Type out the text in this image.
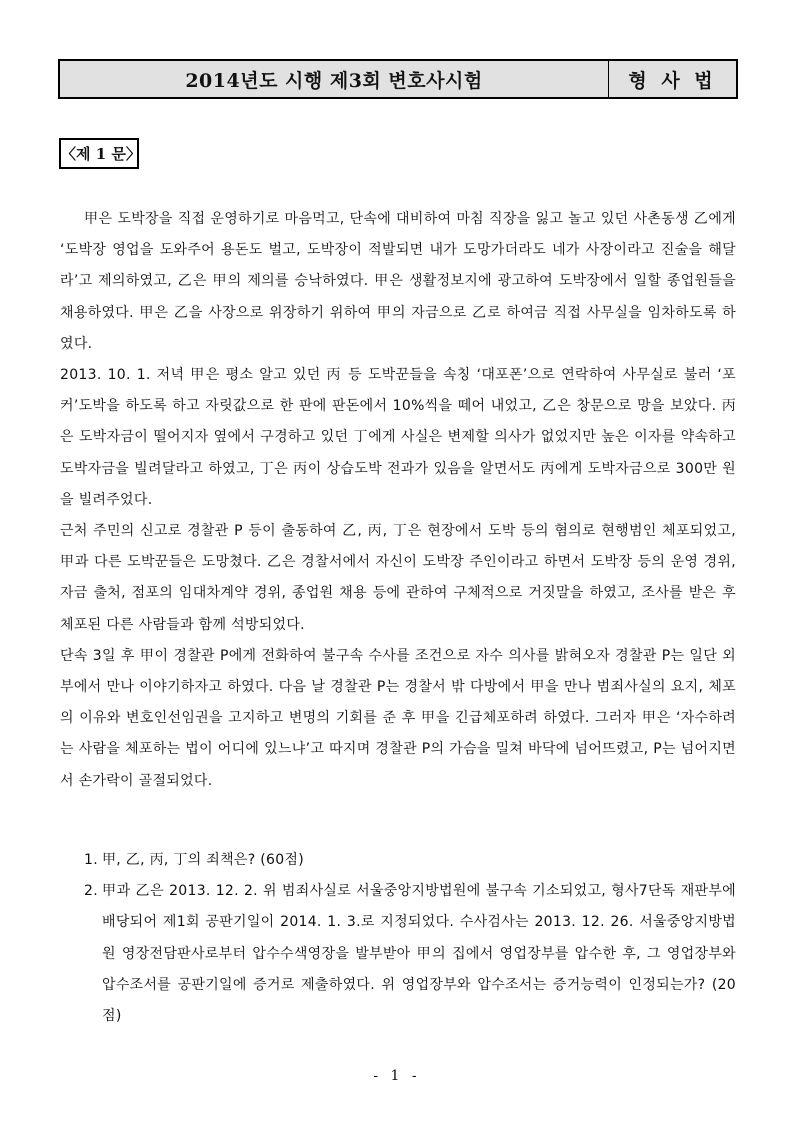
2014년도 시행 제3회 변호사시험	형 사 법
〈제 1 문〉

甲은 도박장을 직접 운영하기로 마음먹고, 단속에 대비하여 마침 직장을 잃고 놀고 있던 사촌동생 乙에게 ‘도박장 영업을 도와주어 용돈도 벌고, 도박장이 적발되면 내가 도망가더라도 네가 사장이라고 진술을 해달라’고 제의하였고, 乙은 甲의 제의를 승낙하였다. 甲은 생활정보지에 광고하여 도박장에서 일할 종업원들을 채용하였다. 甲은 乙을 사장으로 위장하기 위하여 甲의 자금으로 乙로 하여금 직접 사무실을 임차하도록 하였다.

2013. 10. 1. 저녁 甲은 평소 알고 있던 丙 등 도박꾼들을 속칭 ‘대포폰’으로 연락하여 사무실로 불러 ‘포커’도박을 하도록 하고 자릿값으로 한 판에 판돈에서 10%씩을 떼어 내었고, 乙은 창문으로 망을 보았다. 丙은 도박자금이 떨어지자 옆에서 구경하고 있던 丁에게 사실은 변제할 의사가 없었지만 높은 이자를 약속하고 도박자금을 빌려달라고 하였고, 丁은 丙이 상습도박 전과가 있음을 알면서도 丙에게 도박자금으로 300만 원을 빌려주었다.

근처 주민의 신고로 경찰관 P 등이 출동하여 乙, 丙, 丁은 현장에서 도박 등의 혐의로 현행범인 체포되었고, 甲과 다른 도박꾼들은 도망쳤다. 乙은 경찰서에서 자신이 도박장 주인이라고 하면서 도박장 등의 운영 경위, 자금 출처, 점포의 임대차계약 경위, 종업원 채용 등에 관하여 구체적으로 거짓말을 하였고, 조사를 받은 후 체포된 다른 사람들과 함께 석방되었다.

단속 3일 후 甲이 경찰관 P에게 전화하여 불구속 수사를 조건으로 자수 의사를 밝혀오자 경찰관 P는 일단 외부에서 만나 이야기하자고 하였다. 다음 날 경찰관 P는 경찰서 밖 다방에서 甲을 만나 범죄사실의 요지, 체포의 이유와 변호인선임권을 고지하고 변명의 기회를 준 후 甲을 긴급체포하려 하였다. 그러자 甲은 ‘자수하려는 사람을 체포하는 법이 어디에 있느냐’고 따지며 경찰관 P의 가슴을 밀쳐 바닥에 넘어뜨렸고, P는 넘어지면서 손가락이 골절되었다.

1. 甲, 乙, 丙, 丁의 죄책은? (60점)
2. 甲과 乙은 2013. 12. 2. 위 범죄사실로 서울중앙지방법원에 불구속 기소되었고, 형사7단독 재판부에 배당되어 제1회 공판기일이 2014. 1. 3.로 지정되었다. 수사검사는 2013. 12. 26. 서울중앙지방법원 영장전담판사로부터 압수수색영장을 발부받아 甲의 집에서 영업장부를 압수한 후, 그 영업장부와 압수조서를 공판기일에 증거로 제출하였다. 위 영업장부와 압수조서는 증거능력이 인정되는가? (20점)
- 1 -
